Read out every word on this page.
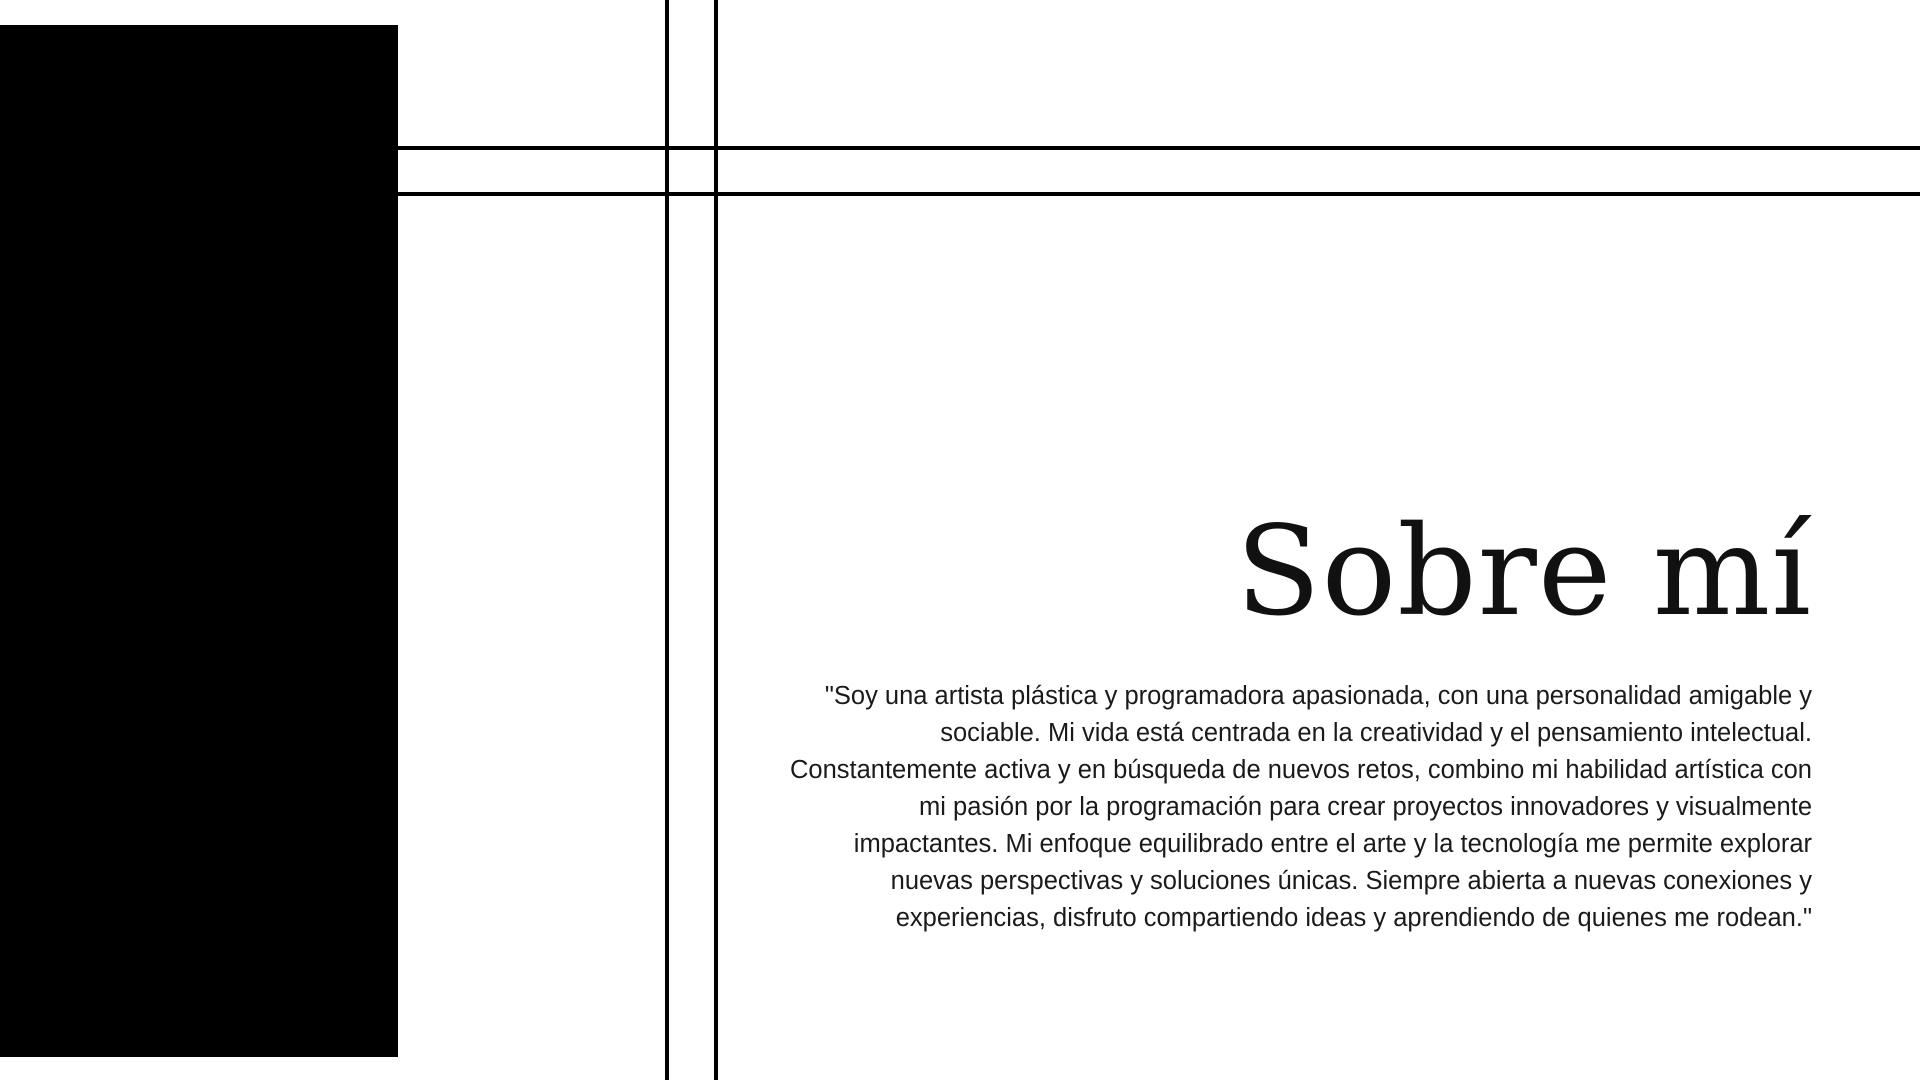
Sobre mí

"Soy una artista plástica y programadora apasionada, con una personalidad amigable y sociable. Mi vida está centrada en la creatividad y el pensamiento intelectual. Constantemente activa y en búsqueda de nuevos retos, combino mi habilidad artística con mi pasión por la programación para crear proyectos innovadores y visualmente impactantes. Mi enfoque equilibrado entre el arte y la tecnología me permite explorar nuevas perspectivas y soluciones únicas. Siempre abierta a nuevas conexiones y experiencias, disfruto compartiendo ideas y aprendiendo de quienes me rodean."
